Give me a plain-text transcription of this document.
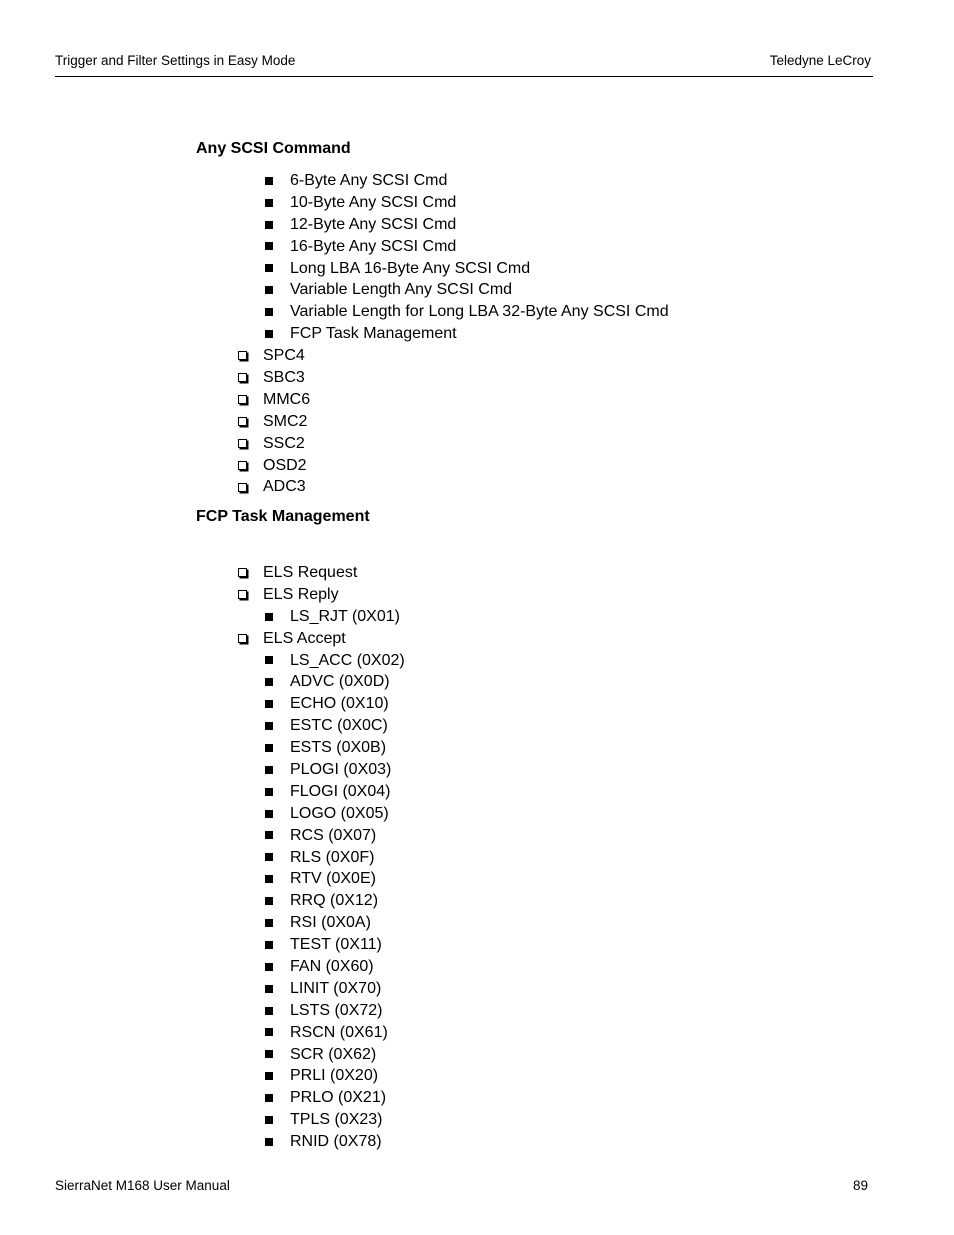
Trigger and Filter Settings in Easy Mode	Teledyne LeCroy
Any SCSI Command
6-Byte Any SCSI Cmd
10-Byte Any SCSI Cmd
12-Byte Any SCSI Cmd
16-Byte Any SCSI Cmd
Long LBA 16-Byte Any SCSI Cmd
Variable Length Any SCSI Cmd
Variable Length for Long LBA 32-Byte Any SCSI Cmd
FCP Task Management
SPC4
SBC3
MMC6
SMC2
SSC2
OSD2
ADC3
FCP Task Management
ELS Request
ELS Reply
LS_RJT (0X01)
ELS Accept
LS_ACC (0X02)
ADVC (0X0D)
ECHO (0X10)
ESTC (0X0C)
ESTS (0X0B)
PLOGI (0X03)
FLOGI (0X04)
LOGO (0X05)
RCS (0X07)
RLS (0X0F)
RTV (0X0E)
RRQ (0X12)
RSI (0X0A)
TEST (0X11)
FAN (0X60)
LINIT (0X70)
LSTS (0X72)
RSCN (0X61)
SCR (0X62)
PRLI (0X20)
PRLO (0X21)
TPLS (0X23)
RNID (0X78)
SierraNet M168 User Manual	89
